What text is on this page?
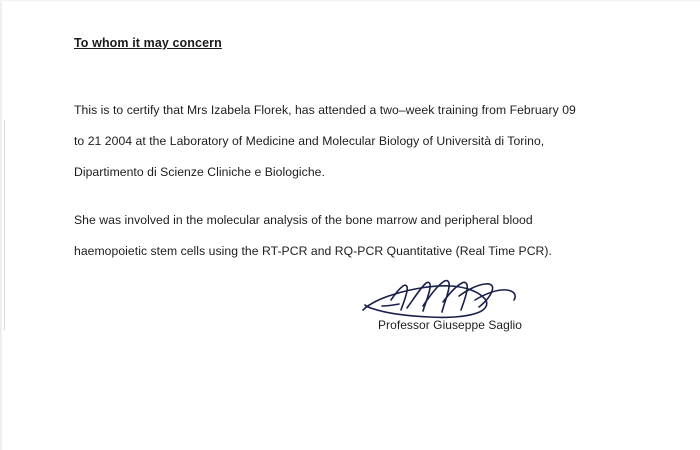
To whom it may concern
This is to certify that Mrs Izabela Florek, has attended a two–week training from February 09
to 21 2004 at the Laboratory of Medicine and Molecular Biology of Università di Torino,
Dipartimento di Scienze Cliniche e Biologiche.
She was involved in the molecular analysis of the bone marrow and peripheral blood
haemopoietic stem cells using the RT-PCR and RQ-PCR Quantitative (Real Time PCR).
Professor Giuseppe Saglio
